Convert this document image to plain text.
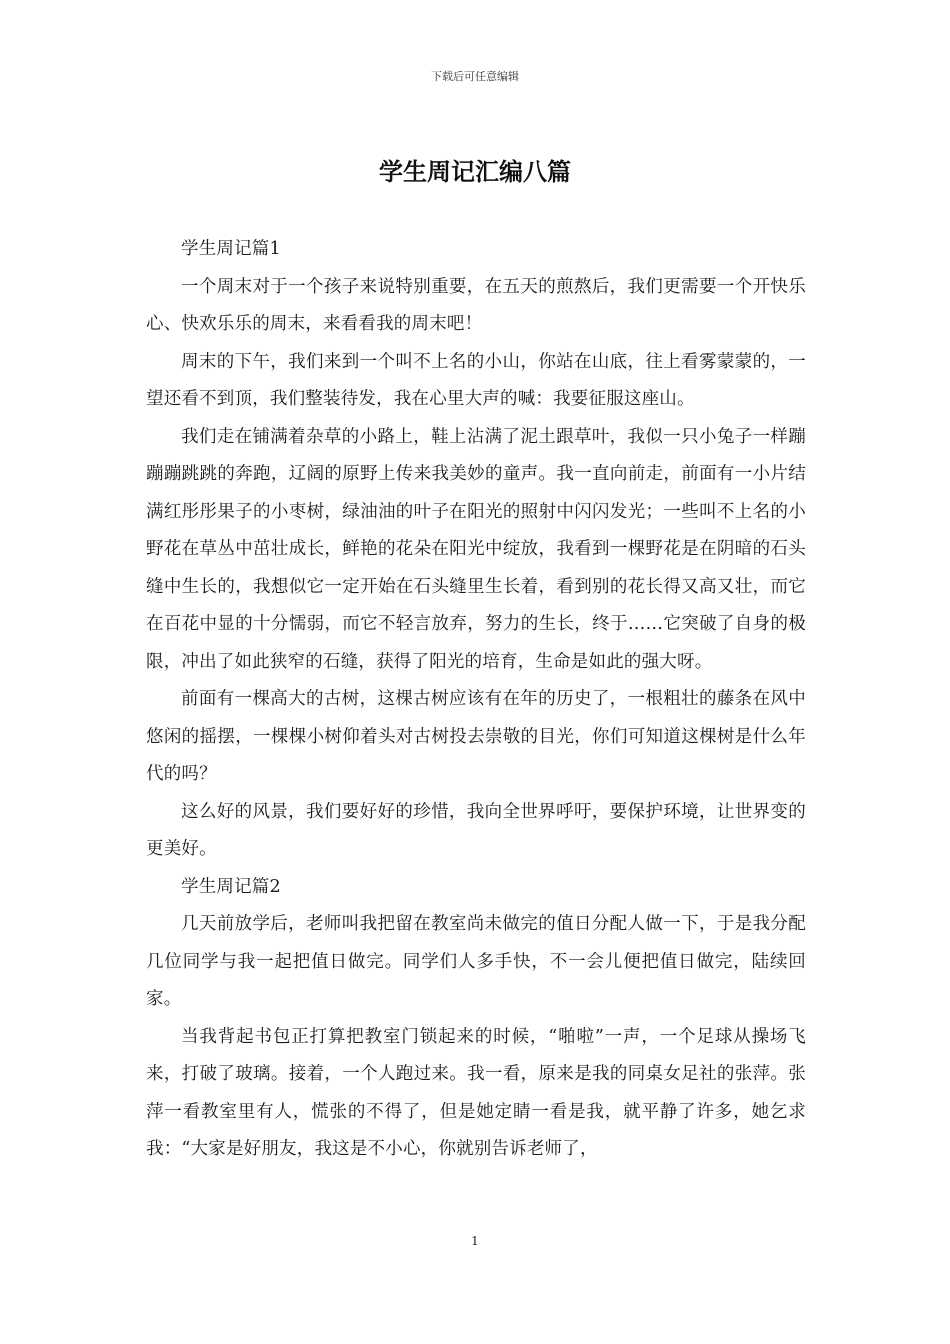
下载后可任意编辑
学生周记汇编八篇

学生周记篇1

一个周末对于一个孩子来说特别重要，在五天的煎熬后，我们更需要一个开快乐心、快欢乐乐的周末，来看看我的周末吧！

周末的下午，我们来到一个叫不上名的小山，你站在山底，往上看雾蒙蒙的，一望还看不到顶，我们整装待发，我在心里大声的喊：我要征服这座山。

我们走在铺满着杂草的小路上，鞋上沾满了泥土跟草叶，我似一只小兔子一样蹦蹦蹦跳跳的奔跑，辽阔的原野上传来我美妙的童声。我一直向前走，前面有一小片结满红彤彤果子的小枣树，绿油油的叶子在阳光的照射中闪闪发光；一些叫不上名的小野花在草丛中茁壮成长，鲜艳的花朵在阳光中绽放，我看到一棵野花是在阴暗的石头缝中生长的，我想似它一定开始在石头缝里生长着，看到别的花长得又高又壮，而它在百花中显的十分懦弱，而它不轻言放弃，努力的生长，终于……它突破了自身的极限，冲出了如此狭窄的石缝，获得了阳光的培育，生命是如此的强大呀。

前面有一棵高大的古树，这棵古树应该有在年的历史了，一根粗壮的藤条在风中悠闲的摇摆，一棵棵小树仰着头对古树投去崇敬的目光，你们可知道这棵树是什么年代的吗？

这么好的风景，我们要好好的珍惜，我向全世界呼吁，要保护环境，让世界变的更美好。

学生周记篇2

几天前放学后，老师叫我把留在教室尚未做完的值日分配人做一下，于是我分配几位同学与我一起把值日做完。同学们人多手快，不一会儿便把值日做完，陆续回家。

当我背起书包正打算把教室门锁起来的时候，“啪啦”一声，一个足球从操场飞来，打破了玻璃。接着，一个人跑过来。我一看，原来是我的同桌女足社的张萍。张萍一看教室里有人，慌张的不得了，但是她定睛一看是我，就平静了许多，她乞求我：“大家是好朋友，我这是不小心，你就别告诉老师了，

1
